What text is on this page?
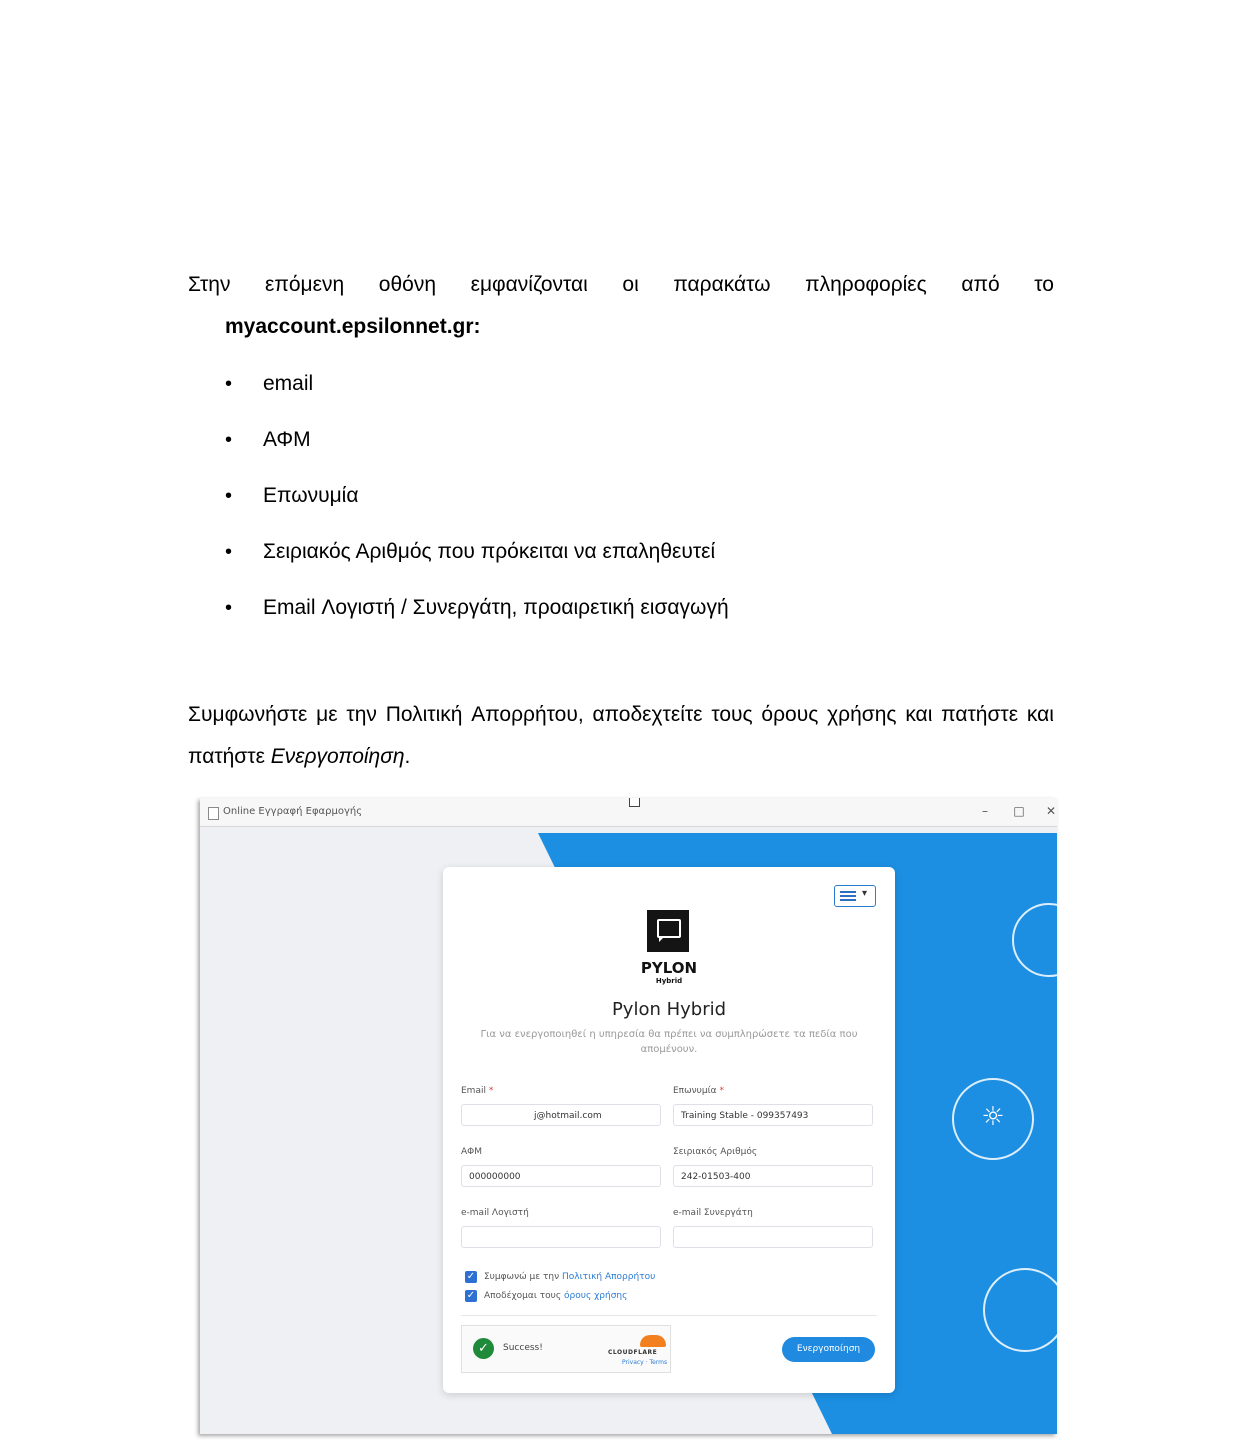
Στην επόμενη οθόνη εμφανίζονται οι παρακάτω πληροφορίες από το
myaccount.epsilonnet.gr:
•	email
•	ΑΦΜ
•	Επωνυμία
•	Σειριακός Αριθμός που πρόκειται να επαληθευτεί
•	Email Λογιστή / Συνεργάτη, προαιρετική εισαγωγή
Συμφωνήστε με την Πολιτική Απορρήτου, αποδεχτείτε τους όρους χρήσης και πατήστε και
πατήστε Ενεργοποίηση.
Online Εγγραφή Εφαρμογής	–	□ ✕
☼
▾
PYLON
Hybrid
Pylon Hybrid
Για να ενεργοποιηθεί η υπηρεσία θα πρέπει να συμπληρώσετε τα πεδία που απομένουν.
Email *
j@hotmail.com
Επωνυμία *
Training Stable - 099357493
ΑΦΜ
000000000
Σειριακός Αριθμός
242-01503-400
e-mail Λογιστή	e-mail Συνεργάτη
✓ Συμφωνώ με την Πολιτική Απορρήτου
✓ Αποδέχομαι τους όρους χρήσης
✓	Success!	CLOUDFLARE
Privacy · Terms
Ενεργοποίηση
